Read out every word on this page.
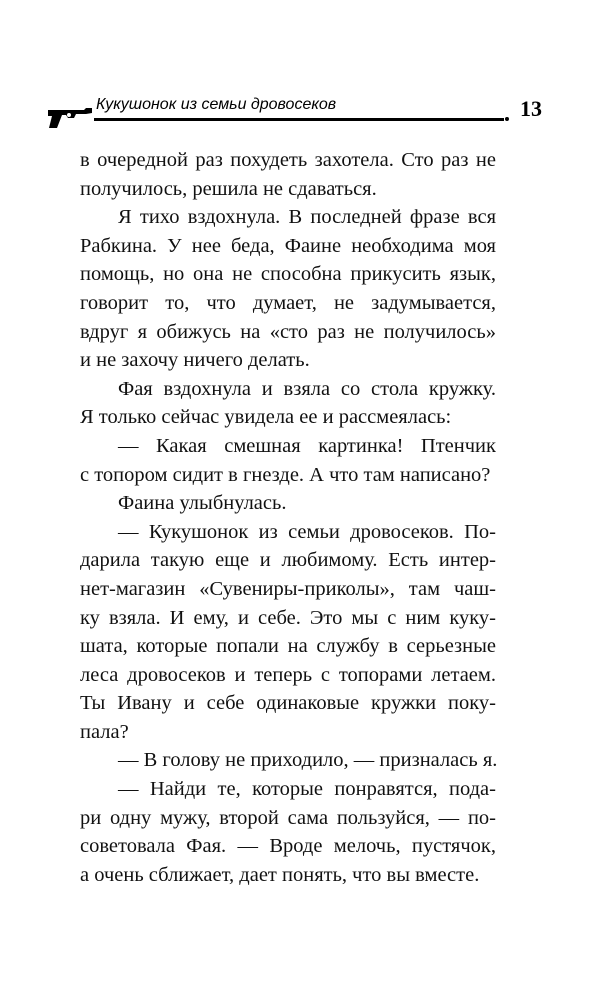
Кукушонок из семьи дровосеков	13
в очередной раз похудеть захотела. Сто раз не
получилось, решила не сдаваться.
Я тихо вздохнула. В последней фразе вся
Рабкина. У нее беда, Фаине необходима моя
помощь, но она не способна прикусить язык,
говорит то, что думает, не задумывается,
вдруг я обижусь на «сто раз не получилось»
и не захочу ничего делать.
Фая вздохнула и взяла со стола кружку.
Я только сейчас увидела ее и рассмеялась:
— Какая смешная картинка! Птенчик
с топором сидит в гнезде. А что там написано?
Фаина улыбнулась.
— Кукушонок из семьи дровосеков. По-
дарила такую еще и любимому. Есть интер-
нет-магазин «Сувениры-приколы», там чаш-
ку взяла. И ему, и себе. Это мы с ним куку-
шата, которые попали на службу в серьезные
леса дровосеков и теперь с топорами летаем.
Ты Ивану и себе одинаковые кружки поку-
пала?
— В голову не приходило, — призналась я.
— Найди те, которые понравятся, пода-
ри одну мужу, второй сама пользуйся, — по-
советовала Фая. — Вроде мелочь, пустячок,
а очень сближает, дает понять, что вы вместе.
